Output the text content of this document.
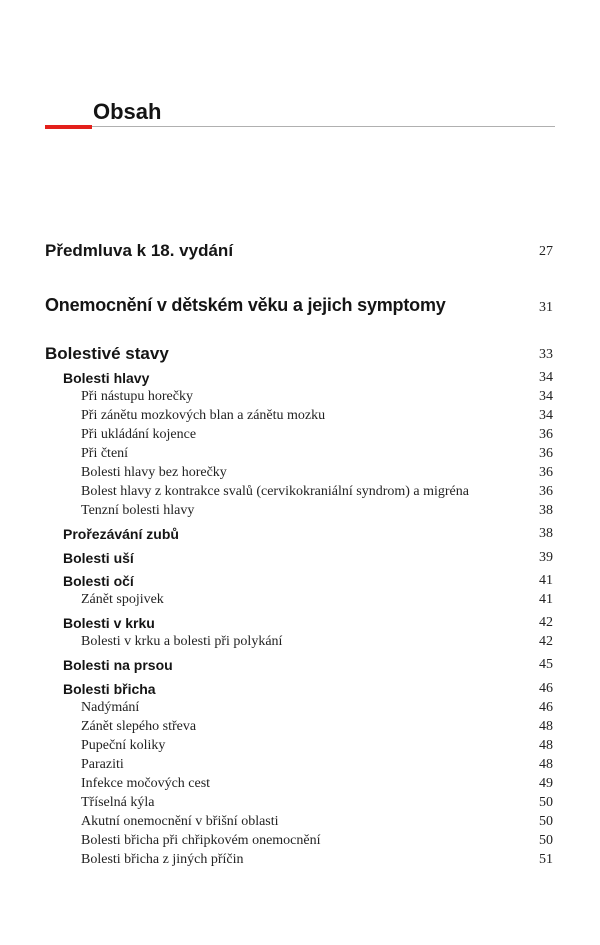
Obsah
Předmluva k 18. vydání	27
Onemocnění v dětském věku a jejich symptomy	31
Bolestivé stavy	33
Bolesti hlavy	34
Při nástupu horečky	34
Při zánětu mozkových blan a zánětu mozku	34
Při ukládání kojence	36
Při čtení	36
Bolesti hlavy bez horečky	36
Bolest hlavy z kontrakce svalů (cervikokraniální syndrom) a migréna	36
Tenzní bolesti hlavy	38
Prořezávání zubů	38
Bolesti uší	39
Bolesti očí	41
Zánět spojivek	41
Bolesti v krku	42
Bolesti v krku a bolesti při polykání	42
Bolesti na prsou	45
Bolesti břicha	46
Nadýmání	46
Zánět slepého střeva	48
Pupeční koliky	48
Paraziti	48
Infekce močových cest	49
Tříselná kýla	50
Akutní onemocnění v břišní oblasti	50
Bolesti břicha při chřipkovém onemocnění	50
Bolesti břicha z jiných příčin	51
